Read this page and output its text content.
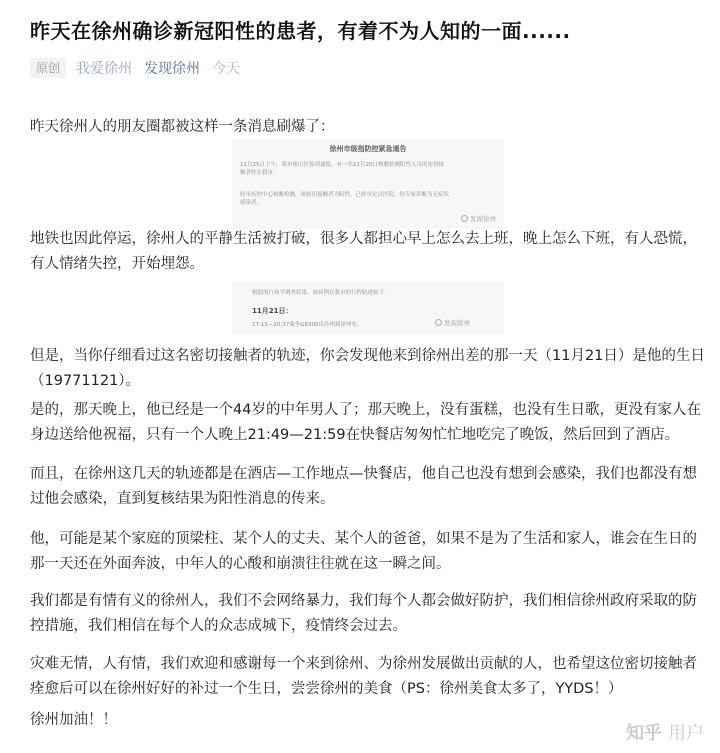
昨天在徐州确诊新冠阳性的患者，有着不为人知的一面......
原创	我爱徐州 发现徐州 今天
昨天徐州人的朋友圈都被这样一条消息刷爆了：
徐州市级指防控紧急通告
11月25日上午，我市密山区接到通报，有一名11月25日核酸检测阳性人员的密切接
触者驻在我市。
经市疾控中心核酸检测，该密切接触者为阳性，已转至定点医院，经专家诊断为无症状
感染者。
发现徐州
地铁也因此停运，徐州人的平静生活被打破，很多人都担心早上怎么去上班，晚上怎么下班，有人恐慌，有人情绪失控，开始埋怨。
根据流行病学调查结果，该病例在我市的行程轨迹如下：
11月21日：
17:15—20:37乘坐G8300由苏州到徐州东。	发现徐州
但是，当你仔细看过这名密切接触者的轨迹，你会发现他来到徐州出差的那一天（11月21日）是他的生日（19771121）。
是的，那天晚上，他已经是一个44岁的中年男人了；那天晚上，没有蛋糕，也没有生日歌，更没有家人在身边送给他祝福，只有一个人晚上21:49—21:59在快餐店匆匆忙忙地吃完了晚饭，然后回到了酒店。
而且，在徐州这几天的轨迹都是在酒店—工作地点—快餐店，他自己也没有想到会感染，我们也都没有想过他会感染，直到复核结果为阳性消息的传来。
他，可能是某个家庭的顶梁柱、某个人的丈夫、某个人的爸爸，如果不是为了生活和家人，谁会在生日的那一天还在外面奔波，中年人的心酸和崩溃往往就在这一瞬之间。
我们都是有情有义的徐州人，我们不会网络暴力，我们每个人都会做好防护，我们相信徐州政府采取的防控措施，我们相信在每个人的众志成城下，疫情终会过去。
灾难无情，人有情，我们欢迎和感谢每一个来到徐州、为徐州发展做出贡献的人，也希望这位密切接触者痊愈后可以在徐州好好的补过一个生日，尝尝徐州的美食（PS：徐州美食太多了，YYDS！）
徐州加油！！
知乎 用户
